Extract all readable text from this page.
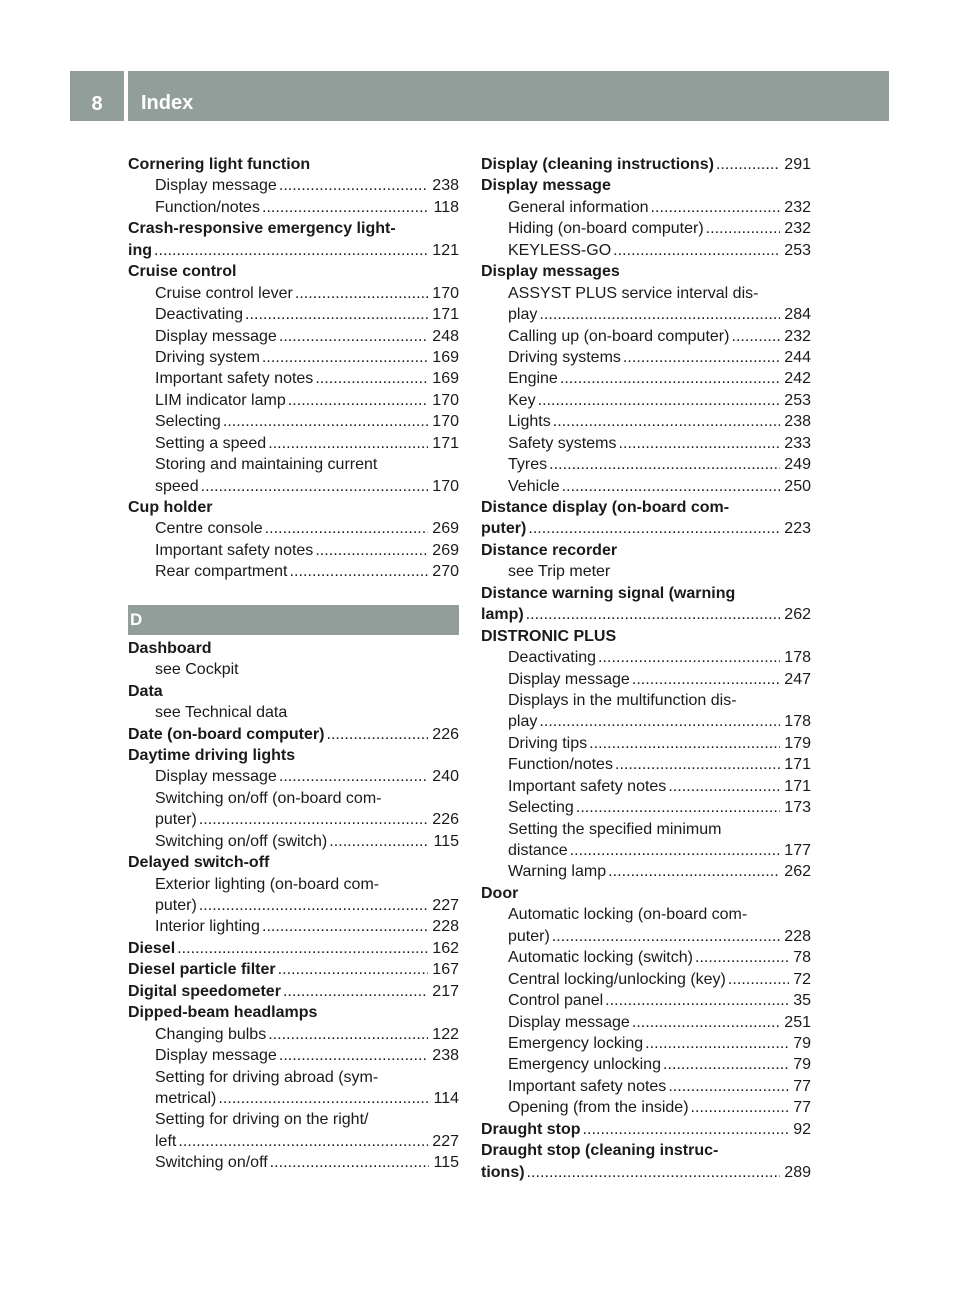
8	Index
Cornering light function
Display message . . .	238
Function/notes . . .	118
Crash-responsive emergency light-
ing . . .	121
Cruise control
Cruise control lever . . .	170
Deactivating . . .	171
Display message . . .	248
Driving system . . .	169
Important safety notes . . .	169
LIM indicator lamp . . .	170
Selecting . . .	170
Setting a speed . . .	171
Storing and maintaining current
speed . . .	170
Cup holder
Centre console . . .	269
Important safety notes . . .	269
Rear compartment . . .	270
D
Dashboard
see Cockpit
Data
see Technical data
Date (on-board computer) . . .	226
Daytime driving lights
Display message . . .	240
Switching on/off (on-board com-
puter) . . .	226
Switching on/off (switch) . . .	115
Delayed switch-off
Exterior lighting (on-board com-
puter) . . .	227
Interior lighting . . .	228
Diesel . . .	162
Diesel particle filter . . .	167
Digital speedometer . . .	217
Dipped-beam headlamps
Changing bulbs . . .	122
Display message . . .	238
Setting for driving abroad (sym-
metrical) . . .	114
Setting for driving on the right/
left . . .	227
Switching on/off . . .	115
Display (cleaning instructions) . . .	291
Display message
General information . . .	232
Hiding (on-board computer) . . .	232
KEYLESS-GO . . .	253
Display messages
ASSYST PLUS service interval dis-
play . . .	284
Calling up (on-board computer) . . .	232
Driving systems . . .	244
Engine . . .	242
Key . . .	253
Lights . . .	238
Safety systems . . .	233
Tyres . . .	249
Vehicle . . .	250
Distance display (on-board com-
puter) . . .	223
Distance recorder
see Trip meter
Distance warning signal (warning
lamp) . . .	262
DISTRONIC PLUS
Deactivating . . .	178
Display message . . .	247
Displays in the multifunction dis-
play . . .	178
Driving tips . . .	179
Function/notes . . .	171
Important safety notes . . .	171
Selecting . . .	173
Setting the specified minimum
distance . . .	177
Warning lamp . . .	262
Door
Automatic locking (on-board com-
puter) . . .	228
Automatic locking (switch) . . .	78
Central locking/unlocking (key) . . .	72
Control panel . . .	35
Display message . . .	251
Emergency locking . . .	79
Emergency unlocking . . .	79
Important safety notes . . .	77
Opening (from the inside) . . .	77
Draught stop . . .	92
Draught stop (cleaning instruc-
tions) . . .	289
